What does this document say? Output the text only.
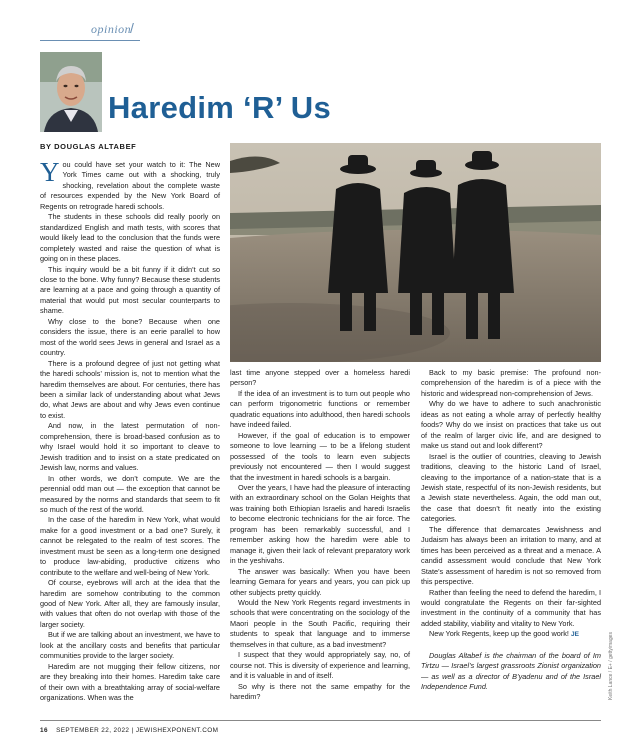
opinion
/
Haredim ‘R’ Us
BY DOUGLAS ALTABEF

You could have set your watch to it: The New York Times came out with a shocking, truly shocking, revelation about the complete waste of resources expended by the New York Board of Regents on retrograde haredi schools.

The students in these schools did really poorly on standardized English and math tests, with scores that would likely lead to the conclusion that the funds were completely wasted and raise the question of what is going on in these places.

This inquiry would be a bit funny if it didn’t cut so close to the bone. Why funny? Because these students are learning at a pace and going through a quantity of material that would put most secular counterparts to shame.

Why close to the bone? Because when one considers the issue, there is an eerie parallel to how most of the world sees Jews in general and Israel as a country.

There is a profound degree of just not getting what the haredi schools’ mission is, not to mention what the haredim themselves are about. For centuries, there has been a similar lack of understanding about what Jews do, what Jews are about and why Jews even continue to exist.

And now, in the latest permutation of non-comprehension, there is broad-based confusion as to why Israel would hold it so important to cleave to Jewish tradition and to insist on a state predicated on Jewish law, norms and values.

In other words, we don’t compute. We are the perennial odd man out — the exception that cannot be measured by the norms and standards that seem to fit so much of the rest of the world.

In the case of the haredim in New York, what would make for a good investment or a bad one? Surely, it cannot be relegated to the realm of test scores. The investment must be seen as a long-term one designed to produce law-abiding, productive citizens who contribute to the welfare and well-being of New York.

Of course, eyebrows will arch at the idea that the haredim are somehow contributing to the common good of New York. After all, they are famously insular, with values that often do not overlap with those of the larger society.

But if we are talking about an investment, we have to look at the ancillary costs and benefits that particular communities provide to the larger society.

Haredim are not mugging their fellow citizens, nor are they breaking into their homes. Haredim take care of their own with a breathtaking array of social-welfare organizations. When was the	Keith Lance / E+ / gettyimages

last time anyone stepped over a homeless haredi person?

If the idea of an investment is to turn out people who can perform trigonometric functions or remember quadratic equations into adulthood, then haredi schools have indeed failed.

However, if the goal of education is to empower someone to love learning — to be a lifelong student possessed of the tools to learn even subjects previously not encountered — then I would suggest that the investment in haredi schools is a bargain.

Over the years, I have had the pleasure of interacting with an extraordinary school on the Golan Heights that was training both Ethiopian Israelis and haredi Israelis to become electronic technicians for the air force. The program has been remarkably successful, and I remember asking how the haredim were able to manage it, given their lack of relevant preparatory work in the yeshivahs.

The answer was basically: When you have been learning Gemara for years and years, you can pick up other subjects pretty quickly.

Would the New York Regents regard investments in schools that were concentrating on the sociology of the Maori people in the South Pacific, requiring their students to speak that language and to immerse themselves in that culture, as a bad investment?

I suspect that they would appropriately say, no, of course not. This is diversity of experience and learning, and it is valuable in and of itself.

So why is there not the same empathy for the haredim?

Back to my basic premise: The profound non-comprehension of the haredim is of a piece with the historic and widespread non-comprehension of Jews.

Why do we have to adhere to such anachronistic ideas as not eating a whole array of perfectly healthy foods? Why do we insist on practices that take us out of the realm of larger civic life, and are designed to make us stand out and look different?

Israel is the outlier of countries, cleaving to Jewish traditions, cleaving to the historic Land of Israel, cleaving to the importance of a nation-state that is a Jewish state, respectful of its non-Jewish residents, but a Jewish state nevertheless. Again, the odd man out, the case that doesn’t fit neatly into the existing categories.

The difference that demarcates Jewishness and Judaism has always been an irritation to many, and at times has been perceived as a threat and a menace. A candid assessment would conclude that New York State’s assessment of haredim is not so removed from this perspective.

Rather than feeling the need to defend the haredim, I would congratulate the Regents on their far-sighted investment in the continuity of a community that has added stability, viability and vitality to New York.

New York Regents, keep up the good work! JE

Douglas Altabef is the chairman of the board of Im Tirtzu — Israel’s largest grassroots Zionist organization — as well as a director of B’yadenu and of the Israel Independence Fund.

16 SEPTEMBER 22, 2022 | JEWISHEXPONENT.COM
